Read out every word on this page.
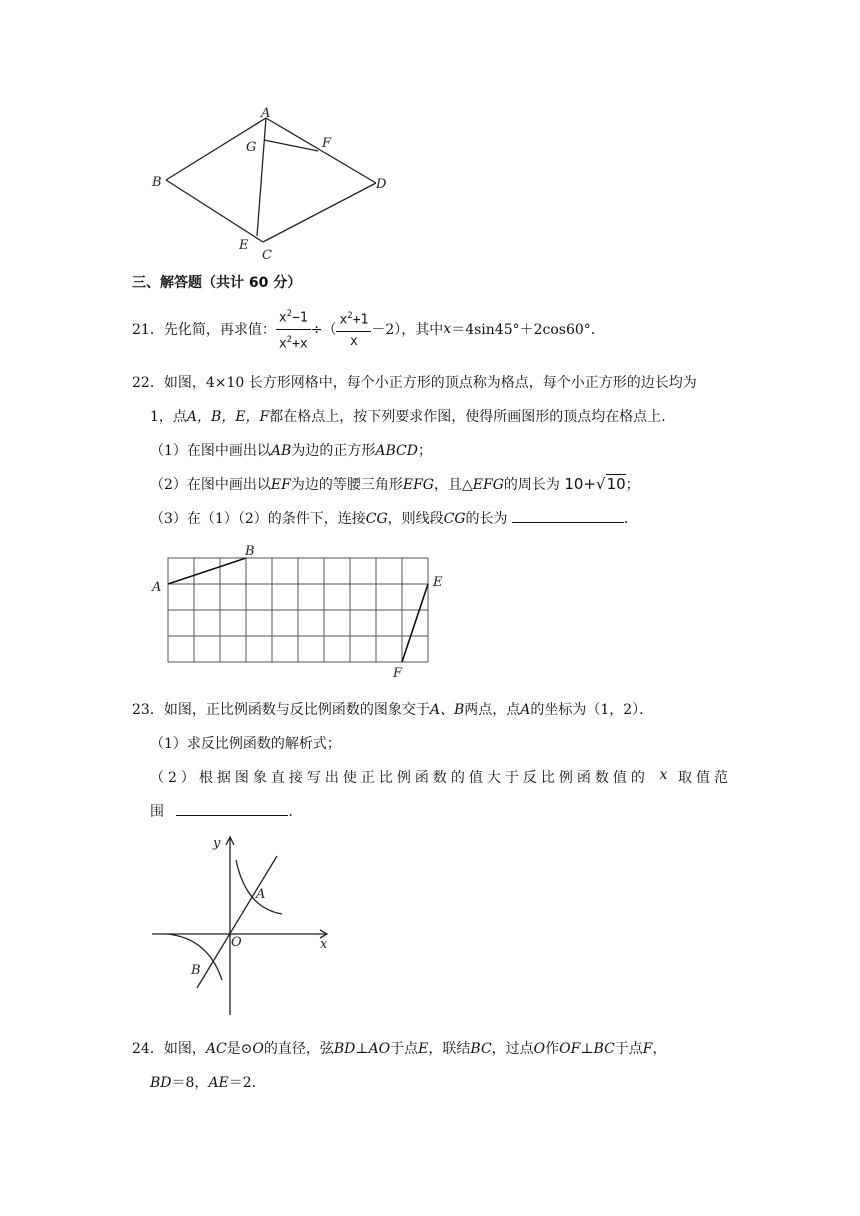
A
B
C
D
E
F
G
三、解答题（共计 60 分）
21．先化简，再求值： $\frac{x^2-1}{x^2+x}$ ÷（ $\frac{x^2+1}{x} -2$），其中 x ＝4sin45°＋2cos60°．
22．如图，4×10 长方形网格中，每个小正方形的顶点称为格点，每个小正方形的边长均为
1，点A，B，E，F都在格点上，按下列要求作图，使得所画图形的顶点均在格点上．
（1）在图中画出以AB为边的正方形ABCD；
（2）在图中画出以EF为边的等腰三角形EFG，且△EFG的周长为 10+√10；
（3）在（1）（2）的条件下，连接CG，则线段CG的长为	．
A
B
E
F
23．如图，正比例函数与反比例函数的图象交于A、B两点，点A的坐标为（1，2）．
（1）求反比例函数的解析式；
（2）根据图象直接写出使正比例函数的值大于反比例函数值的 x 取值范
围	．
y
x
O
A
B
24．如图，AC是⊙O的直径，弦BD⊥AO于点E，联结BC，过点O作OF⊥BC于点F，
BD＝8，AE＝2．
